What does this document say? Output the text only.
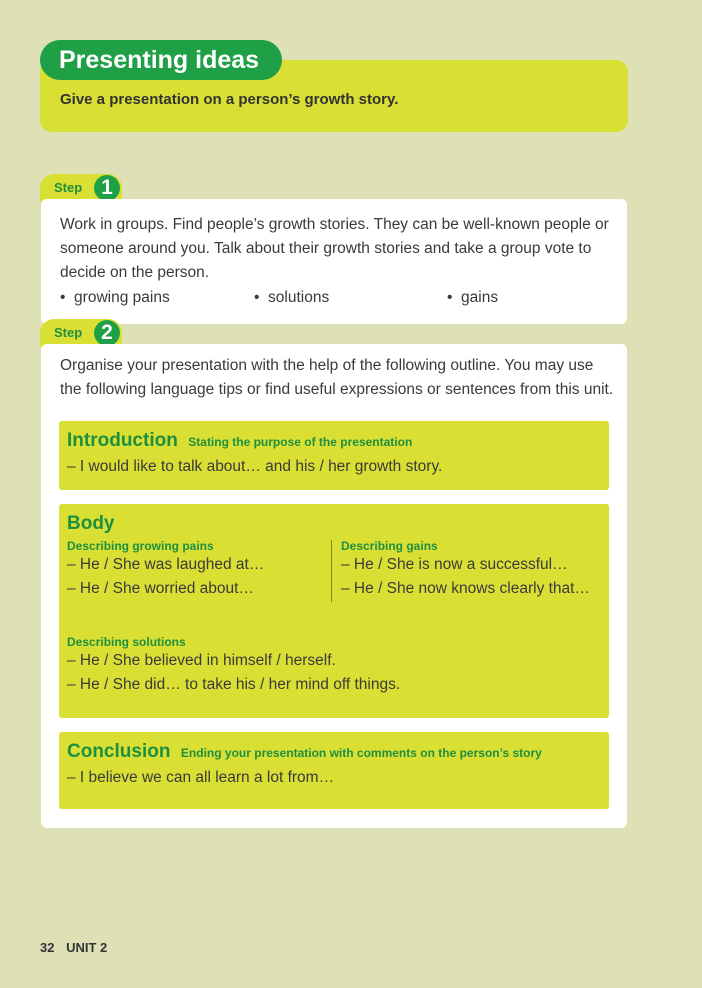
Give a presentation on a person’s growth story.
Presenting ideas
Step 1

Work in groups. Find people’s growth stories. They can be well-known people or

someone around you. Talk about their growth stories and take a group vote to

decide on the person.

•  growing pains	•  solutions	•  gains
Step 2

Organise your presentation with the help of the following outline. You may use

the following language tips or find useful expressions or sentences from this unit.

Introduction Stating the purpose of the presentation
– I would like to talk about… and his / her growth story.
Body
Describing growing pains
– He / She was laughed at…
– He / She worried about…
Describing gains
– He / She is now a successful…
– He / She now knows clearly that…
Describing solutions
– He / She believed in himself / herself.
– He / She did… to take his / her mind off things.
Conclusion Ending your presentation with comments on the person’s story
– I believe we can all learn a lot from…
32 UNIT 2
